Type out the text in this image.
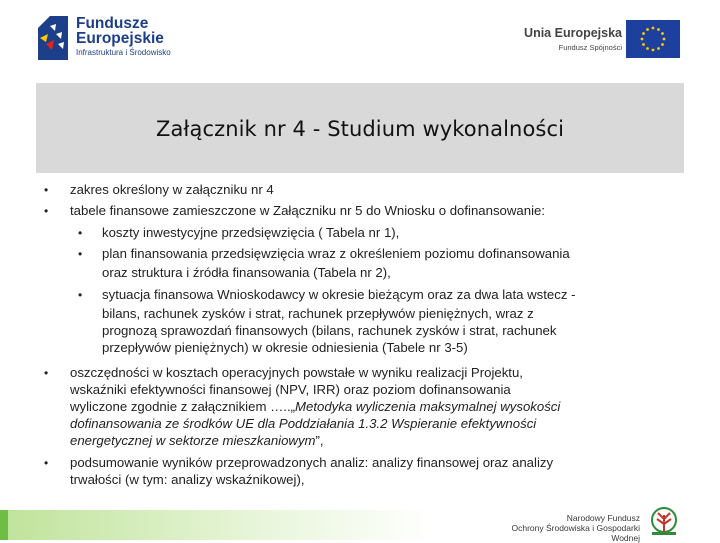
Fundusze
Europejskie
Infrastruktura i Środowisko
Unia Europejska
Fundusz Spójności
Załącznik nr 4 - Studium wykonalności
• zakres określony w załączniku nr 4
• tabele finansowe zamieszczone w Załączniku nr 5 do Wniosku o dofinansowanie:
• koszty inwestycyjne przedsięwzięcia ( Tabela nr 1),
• plan finansowania przedsięwzięcia wraz z określeniem poziomu dofinansowania
oraz struktura i źródła finansowania (Tabela nr 2),
• sytuacja finansowa Wnioskodawcy w okresie bieżącym oraz za dwa lata wstecz -
bilans, rachunek zysków i strat, rachunek przepływów pieniężnych, wraz z
prognozą sprawozdań finansowych (bilans, rachunek zysków i strat, rachunek
przepływów pieniężnych) w okresie odniesienia (Tabele nr 3-5)
• oszczędności w kosztach operacyjnych powstałe w wyniku realizacji Projektu,
wskaźniki efektywności finansowej (NPV, IRR) oraz poziom dofinansowania
wyliczone zgodnie z załącznikiem …..„Metodyka wyliczenia maksymalnej wysokości
dofinansowania ze środków UE dla Poddziałania 1.3.2 Wspieranie efektywności
energetycznej w sektorze mieszkaniowym”,
• podsumowanie wyników przeprowadzonych analiz: analizy finansowej oraz analizy
trwałości (w tym: analizy wskaźnikowej),
Narodowy Fundusz
Ochrony Środowiska i Gospodarki Wodnej
